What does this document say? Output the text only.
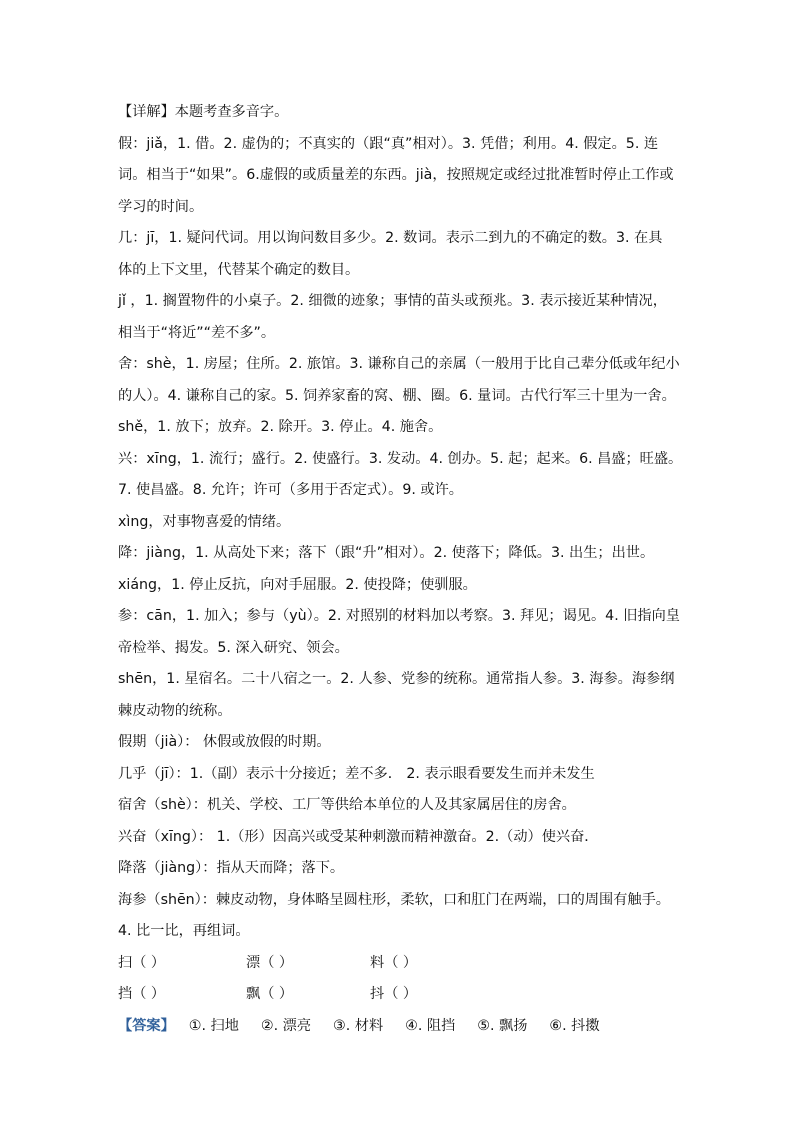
【详解】本题考查多音字。
假：jiǎ，1. 借。2. 虚伪的；不真实的（跟“真”相对）。3. 凭借；利用。4. 假定。5. 连
词。相当于“如果”。6.虚假的或质量差的东西。jià，按照规定或经过批准暂时停止工作或
学习的时间。
几：jī，1. 疑问代词。用以询问数目多少。2. 数词。表示二到九的不确定的数。3. 在具
体的上下文里，代替某个确定的数目。
jǐ ，1. 搁置物件的小桌子。2. 细微的迹象；事情的苗头或预兆。3. 表示接近某种情况，
相当于“将近”“差不多”。
舍：shè，1. 房屋；住所。2. 旅馆。3. 谦称自己的亲属（一般用于比自己辈分低或年纪小
的人）。4. 谦称自己的家。5. 饲养家畜的窝、棚、圈。6. 量词。古代行军三十里为一舍。
shě，1. 放下；放弃。2. 除开。3. 停止。4. 施舍。
兴：xīng，1. 流行；盛行。2. 使盛行。3. 发动。4. 创办。5. 起；起来。6. 昌盛；旺盛。
7. 使昌盛。8. 允许；许可（多用于否定式）。9. 或许。
xìng，对事物喜爱的情绪。
降：jiàng，1. 从高处下来；落下（跟“升”相对）。2. 使落下；降低。3. 出生；出世。
xiáng，1. 停止反抗，向对手屈服。2. 使投降；使驯服。
参：cān，1. 加入；参与（yù）。2. 对照别的材料加以考察。3. 拜见；谒见。4. 旧指向皇
帝检举、揭发。5. 深入研究、领会。
shēn，1. 星宿名。二十八宿之一。2. 人参、党参的统称。通常指人参。3. 海参。海参纲
棘皮动物的统称。
假期（jià）： 休假或放假的时期。
几乎（jī）：1.（副）表示十分接近；差不多． 2. 表示眼看要发生而并未发生
宿舍（shè）：机关、学校、工厂等供给本单位的人及其家属居住的房舍。
兴奋（xīng）： 1.（形）因高兴或受某种刺激而精神激奋。2.（动）使兴奋．
降落（jiàng）：指从天而降；落下。
海参（shēn）：棘皮动物，身体略呈圆柱形，柔软，口和肛门在两端，口的周围有触手。
4. 比一比，再组词。
扫（ ）	漂（ ）	料（ ）
挡（ ）	飘（ ）	抖（ ）
【答案】 ①. 扫地 ②. 漂亮 ③. 材料 ④. 阻挡 ⑤. 飘扬 ⑥. 抖擞
